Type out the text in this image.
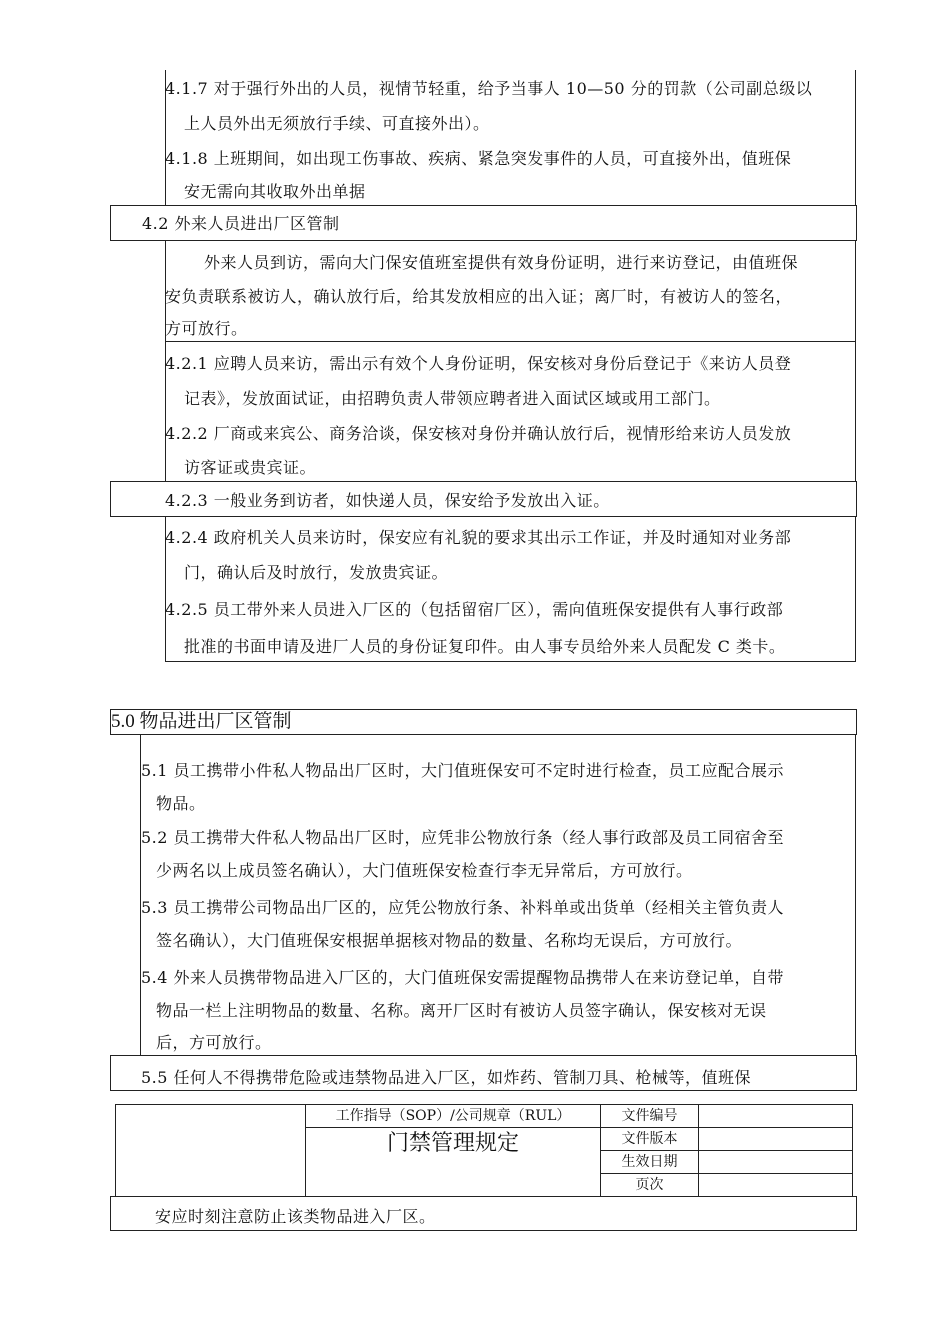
4.1.7 对于强行外出的人员，视情节轻重，给予当事人 10—50 分的罚款（公司副总级以
上人员外出无须放行手续、可直接外出）。
4.1.8 上班期间，如出现工伤事故、疾病、紧急突发事件的人员，可直接外出，值班保
安无需向其收取外出单据
4.2 外来人员进出厂区管制
外来人员到访，需向大门保安值班室提供有效身份证明，进行来访登记，由值班保
安负责联系被访人，确认放行后，给其发放相应的出入证；离厂时，有被访人的签名，
方可放行。
4.2.1 应聘人员来访，需出示有效个人身份证明，保安核对身份后登记于《来访人员登
记表》，发放面试证，由招聘负责人带领应聘者进入面试区域或用工部门。
4.2.2 厂商或来宾公、商务洽谈，保安核对身份并确认放行后，视情形给来访人员发放
访客证或贵宾证。
4.2.3 一般业务到访者，如快递人员，保安给予发放出入证。
4.2.4 政府机关人员来访时，保安应有礼貌的要求其出示工作证，并及时通知对业务部
门，确认后及时放行，发放贵宾证。
4.2.5 员工带外来人员进入厂区的（包括留宿厂区），需向值班保安提供有人事行政部
批准的书面申请及进厂人员的身份证复印件。由人事专员给外来人员配发 C 类卡。
5.0 物品进出厂区管制
5.1 员工携带小件私人物品出厂区时，大门值班保安可不定时进行检查，员工应配合展示
物品。
5.2 员工携带大件私人物品出厂区时，应凭非公物放行条（经人事行政部及员工同宿舍至
少两名以上成员签名确认），大门值班保安检查行李无异常后，方可放行。
5.3 员工携带公司物品出厂区的，应凭公物放行条、补料单或出货单（经相关主管负责人
签名确认），大门值班保安根据单据核对物品的数量、名称均无误后，方可放行。
5.4 外来人员携带物品进入厂区的，大门值班保安需提醒物品携带人在来访登记单，自带
物品一栏上注明物品的数量、名称。离开厂区时有被访人员签字确认，保安核对无误
后，方可放行。
5.5 任何人不得携带危险或违禁物品进入厂区，如炸药、管制刀具、枪械等，值班保
	工作指导（SOP）/公司规章（RUL）	文件编号	
	门禁管理规定	文件版本	
		生效日期	
		页次	
安应时刻注意防止该类物品进入厂区。
